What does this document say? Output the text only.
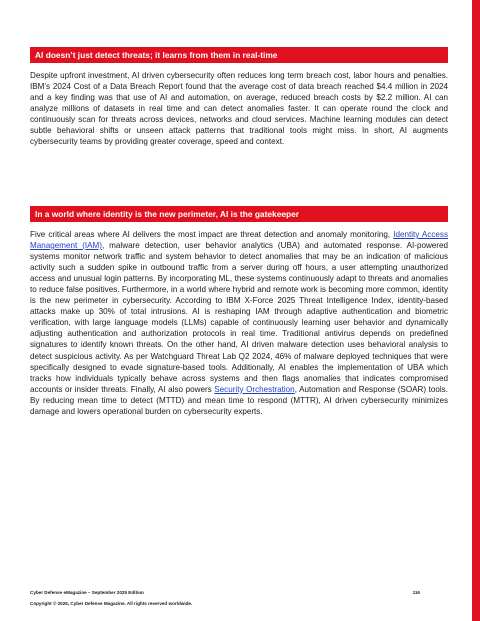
AI doesn’t just detect threats; it learns from them in real-time

Despite upfront investment, AI driven cybersecurity often reduces long term breach cost, labor hours and penalties. IBM’s 2024 Cost of a Data Breach Report found that the average cost of data breach reached $4.4 million in 2024 and a key finding was that use of AI and automation, on average, reduced breach costs by $2.2 million. AI can analyze millions of datasets in real time and can detect anomalies faster. It can operate round the clock and continuously scan for threats across devices, networks and cloud services. Machine learning modules can detect subtle behavioral shifts or unseen attack patterns that traditional tools might miss. In short, AI augments cybersecurity teams by providing greater coverage, speed and context.

In a world where identity is the new perimeter, AI is the gatekeeper

Five critical areas where AI delivers the most impact are threat detection and anomaly monitoring, Identity Access Management (IAM), malware detection, user behavior analytics (UBA) and automated response. AI-powered systems monitor network traffic and system behavior to detect anomalies that may be an indication of malicious activity such a sudden spike in outbound traffic from a server during off hours, a user attempting unauthorized access and unusual login patterns. By incorporating ML, these systems continuously adapt to threats and anomalies to reduce false positives. Furthermore, in a world where hybrid and remote work is becoming more common, identity is the new perimeter in cybersecurity. According to IBM X-Force 2025 Threat Intelligence Index, identity-based attacks make up 30% of total intrusions. AI is reshaping IAM through adaptive authentication and biometric verification, with large language models (LLMs) capable of continuously learning user behavior and dynamically adjusting authentication and authorization protocols in real time. Traditional antivirus depends on predefined signatures to identify known threats. On the other hand, AI driven malware detection uses behavioral analysis to detect suspicious activity. As per Watchguard Threat Lab Q2 2024, 46% of malware deployed techniques that were specifically designed to evade signature-based tools. Additionally, AI enables the implementation of UBA which tracks how individuals typically behave across systems and then flags anomalies that indicates compromised accounts or insider threats. Finally, AI also powers Security Orchestration, Automation and Response (SOAR) tools. By reducing mean time to detect (MTTD) and mean time to respond (MTTR), AI driven cybersecurity minimizes damage and lowers operational burden on cybersecurity experts.

Cyber Defense eMagazine – September 2025 Edition	116
Copyright © 2025, Cyber Defense Magazine. All rights reserved worldwide.
